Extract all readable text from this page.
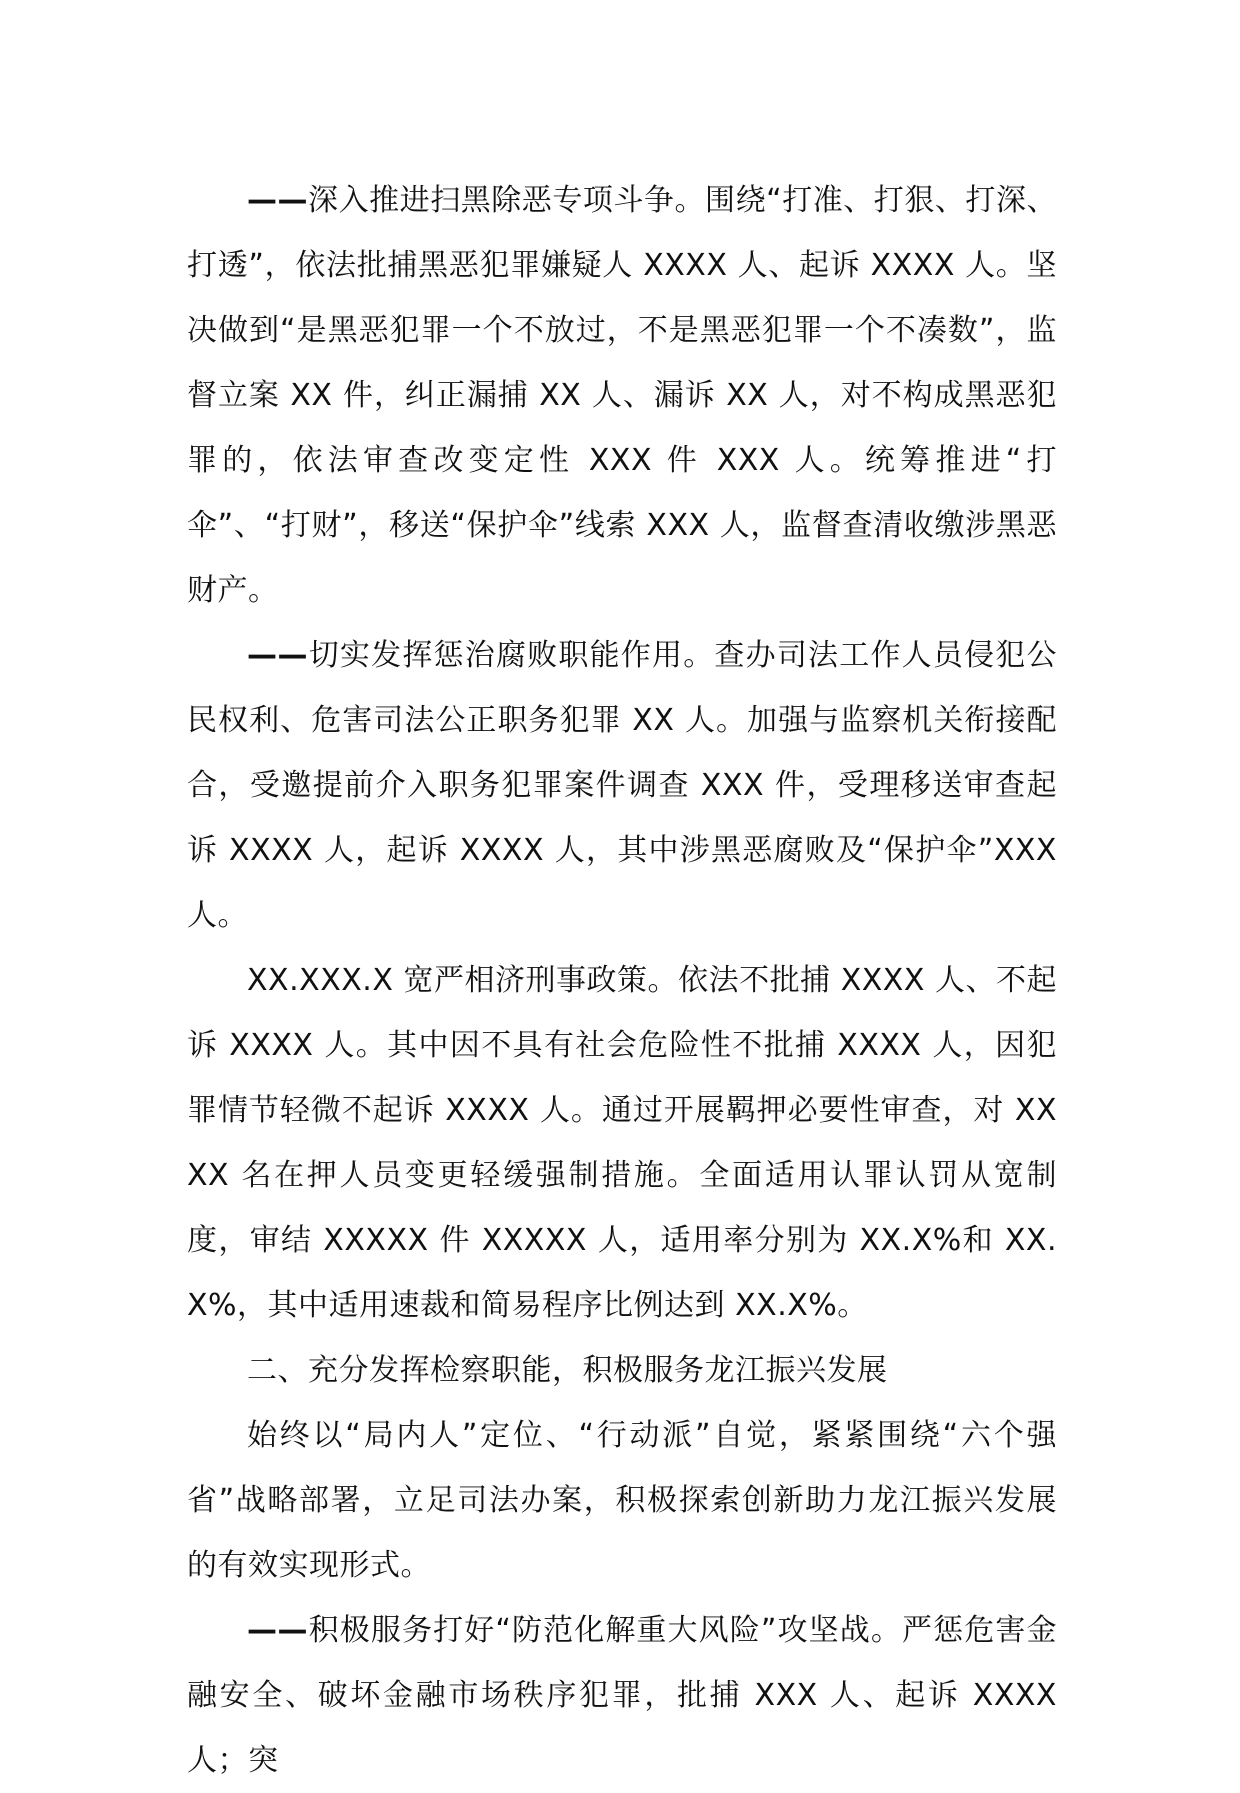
——深入推进扫黑除恶专项斗争。围绕“打准、打狠、打深、打透”，依法批捕黑恶犯罪嫌疑人 XXXX 人、起诉 XXXX 人。坚决做到“是黑恶犯罪一个不放过，不是黑恶犯罪一个不凑数”，监督立案 XX 件，纠正漏捕 XX 人、漏诉 XX 人，对不构成黑恶犯罪的，依法审查改变定性 XXX 件 XXX 人。统筹推进“打伞”、“打财”，移送“保护伞”线索 XXX 人，监督查清收缴涉黑恶财产。

——切实发挥惩治腐败职能作用。查办司法工作人员侵犯公民权利、危害司法公正职务犯罪 XX 人。加强与监察机关衔接配合，受邀提前介入职务犯罪案件调查 XXX 件，受理移送审查起诉 XXXX 人，起诉 XXXX 人，其中涉黑恶腐败及“保护伞”XXX 人。

XX.XXX.X 宽严相济刑事政策。依法不批捕 XXXX 人、不起诉 XXXX 人。其中因不具有社会危险性不批捕 XXXX 人，因犯罪情节轻微不起诉 XXXX 人。通过开展羁押必要性审查，对 XXXX 名在押人员变更轻缓强制措施。全面适用认罪认罚从宽制度，审结 XXXXX 件 XXXXX 人，适用率分别为 XX.X%和 XX.X%，其中适用速裁和简易程序比例达到 XX.X%。

二、充分发挥检察职能，积极服务龙江振兴发展

始终以“局内人”定位、“行动派”自觉，紧紧围绕“六个强省”战略部署，立足司法办案，积极探索创新助力龙江振兴发展的有效实现形式。

——积极服务打好“防范化解重大风险”攻坚战。严惩危害金融安全、破坏金融市场秩序犯罪，批捕 XXX 人、起诉 XXXX 人；突
